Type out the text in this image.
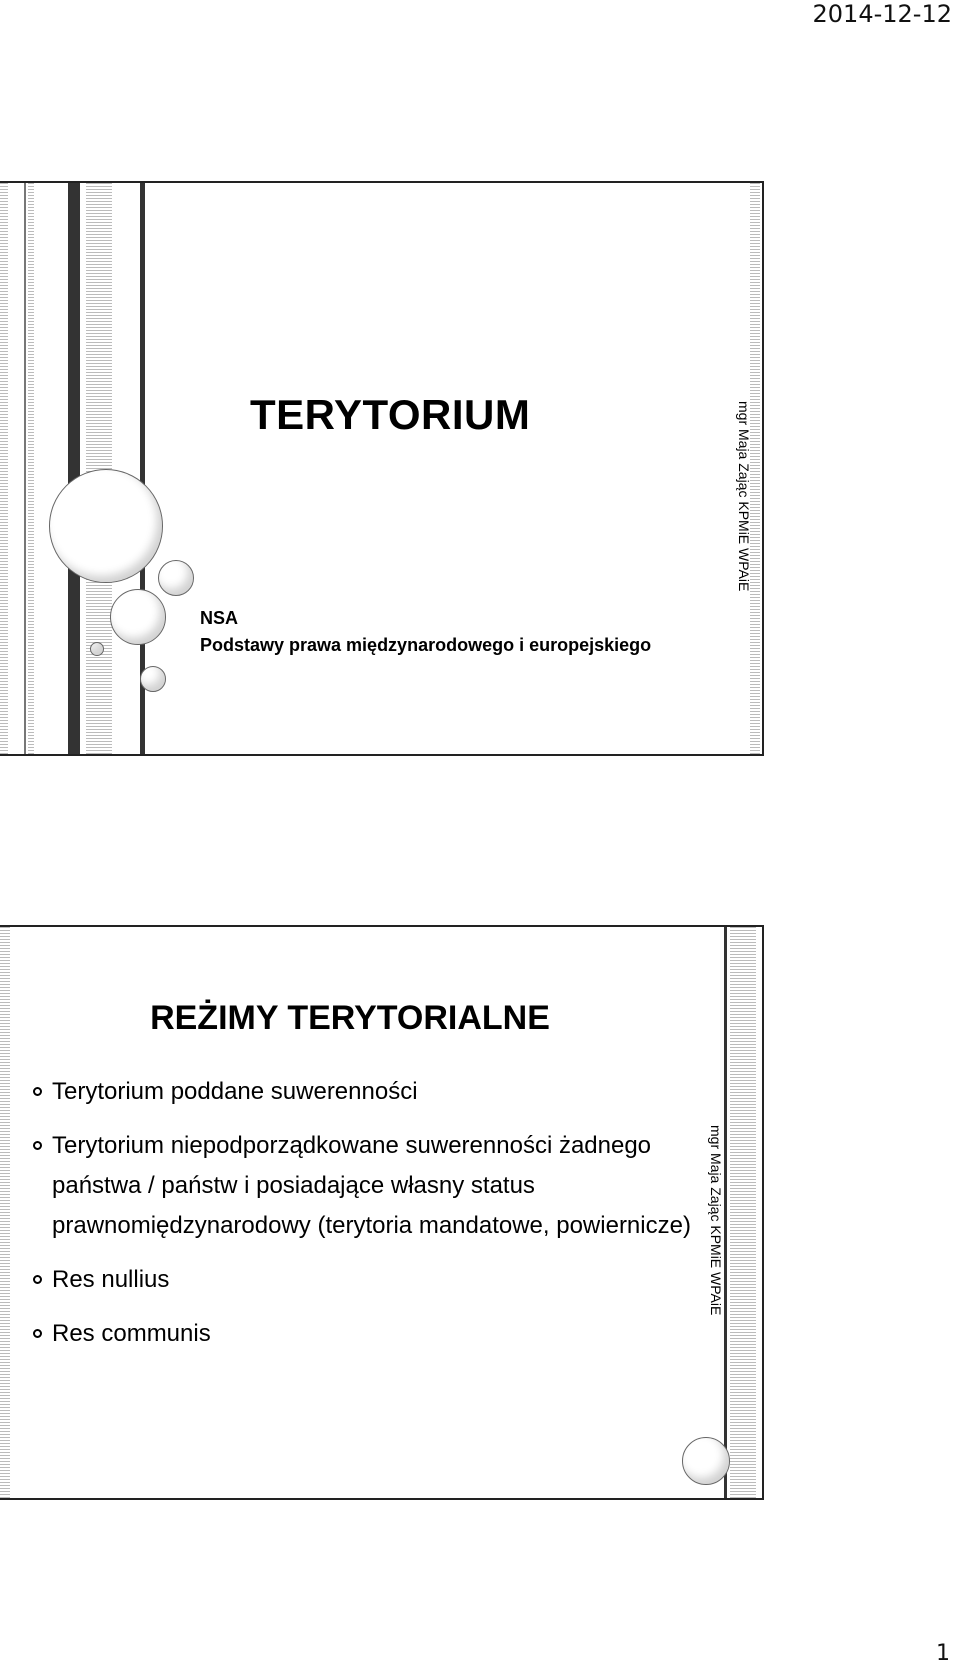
2014-12-12
TERYTORIUM
NSA
Podstawy prawa międzynarodowego i europejskiego
mgr Maja Zając KPMiE WPAiE
REŻIMY TERYTORIALNE
Terytorium poddane suwerenności
Terytorium niepodporządkowane suwerenności żadnego państwa / państw i posiadające własny status prawnomiędzynarodowy (terytoria mandatowe, powiernicze)
Res nullius
Res communis
mgr Maja Zając KPMiE WPAiE
1
